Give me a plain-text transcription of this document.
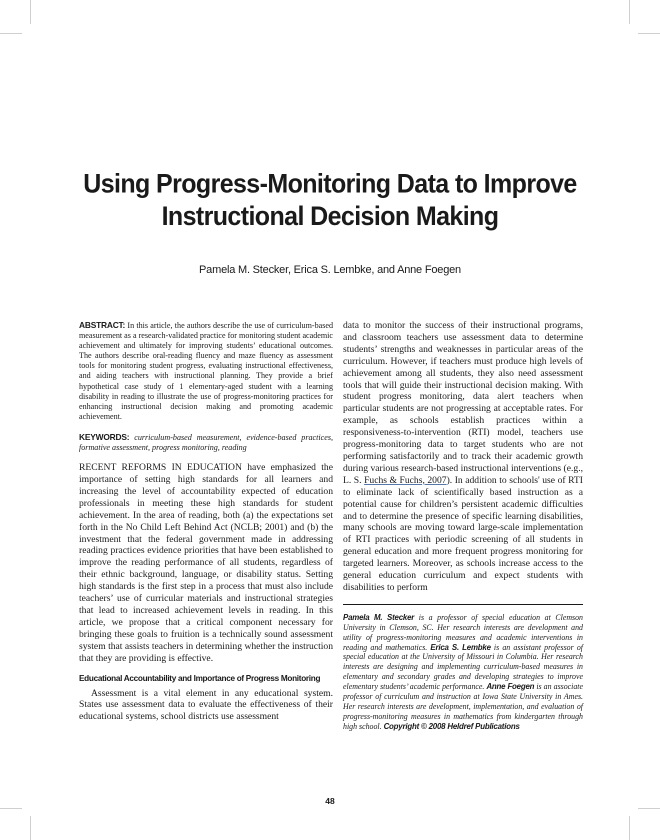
Using Progress-Monitoring Data to Improve
Instructional Decision Making
Pamela M. Stecker, Erica S. Lembke, and Anne Foegen

ABSTRACT: In this article, the authors describe the use of curriculum-based measurement as a research-validated practice for monitoring student academic achievement and ultimately for improving students’ educational outcomes. The authors describe oral-reading fluency and maze fluency as assessment tools for monitoring student progress, evaluating instructional effectiveness, and aiding teachers with instructional planning. They provide a brief hypothetical case study of 1 elementary-aged student with a learning disability in reading to illustrate the use of progress-monitoring practices for enhancing instructional decision making and promoting academic achievement.

KEYWORDS: curriculum-based measurement, evidence-based practices, formative assessment, progress monitoring, reading

RECENT REFORMS IN EDUCATION have emphasized the importance of setting high standards for all learners and increasing the level of accountability expected of education professionals in meeting these high standards for student achievement. In the area of reading, both (a) the expectations set forth in the No Child Left Behind Act (NCLB; 2001) and (b) the investment that the federal government made in addressing reading practices evidence priorities that have been established to improve the reading performance of all students, regardless of their ethnic background, language, or disability status. Setting high standards is the first step in a process that must also include teachers’ use of curricular materials and instructional strategies that lead to increased achievement levels in reading. In this article, we propose that a critical component necessary for bringing these goals to fruition is a technically sound assessment system that assists teachers in determining whether the instruction that they are providing is effective.

Educational Accountability and Importance of Progress Monitoring

Assessment is a vital element in any educational system. States use assessment data to evaluate the effectiveness of their educational systems, school districts use assessment

data to monitor the success of their instructional programs, and classroom teachers use assessment data to determine students’ strengths and weaknesses in particular areas of the curriculum. However, if teachers must produce high levels of achievement among all students, they also need assessment tools that will guide their instructional decision making. With student progress monitoring, data alert teachers when particular students are not progressing at acceptable rates. For example, as schools establish practices within a responsiveness-to-intervention (RTI) model, teachers use progress-monitoring data to target students who are not performing satisfactorily and to track their academic growth during various research-based instructional interventions (e.g., L. S. Fuchs & Fuchs, 2007). In addition to schools' use of RTI to eliminate lack of scientifically based instruction as a potential cause for children’s persistent academic difficulties and to determine the presence of specific learning disabilities, many schools are moving toward large-scale implementation of RTI practices with periodic screening of all students in general education and more frequent progress monitoring for targeted learners. Moreover, as schools increase access to the general education curriculum and expect students with disabilities to perform

Pamela M. Stecker is a professor of special education at Clemson University in Clemson, SC. Her research interests are development and utility of progress-monitoring measures and academic interventions in reading and mathematics. Erica S. Lembke is an assistant professor of special education at the University of Missouri in Columbia. Her research interests are designing and implementing curriculum-based measures in elementary and secondary grades and developing strategies to improve elementary students’ academic performance. Anne Foegen is an associate professor of curriculum and instruction at Iowa State University in Ames. Her research interests are development, implementation, and evaluation of progress-monitoring measures in mathematics from kindergarten through high school. Copyright © 2008 Heldref Publications

48
